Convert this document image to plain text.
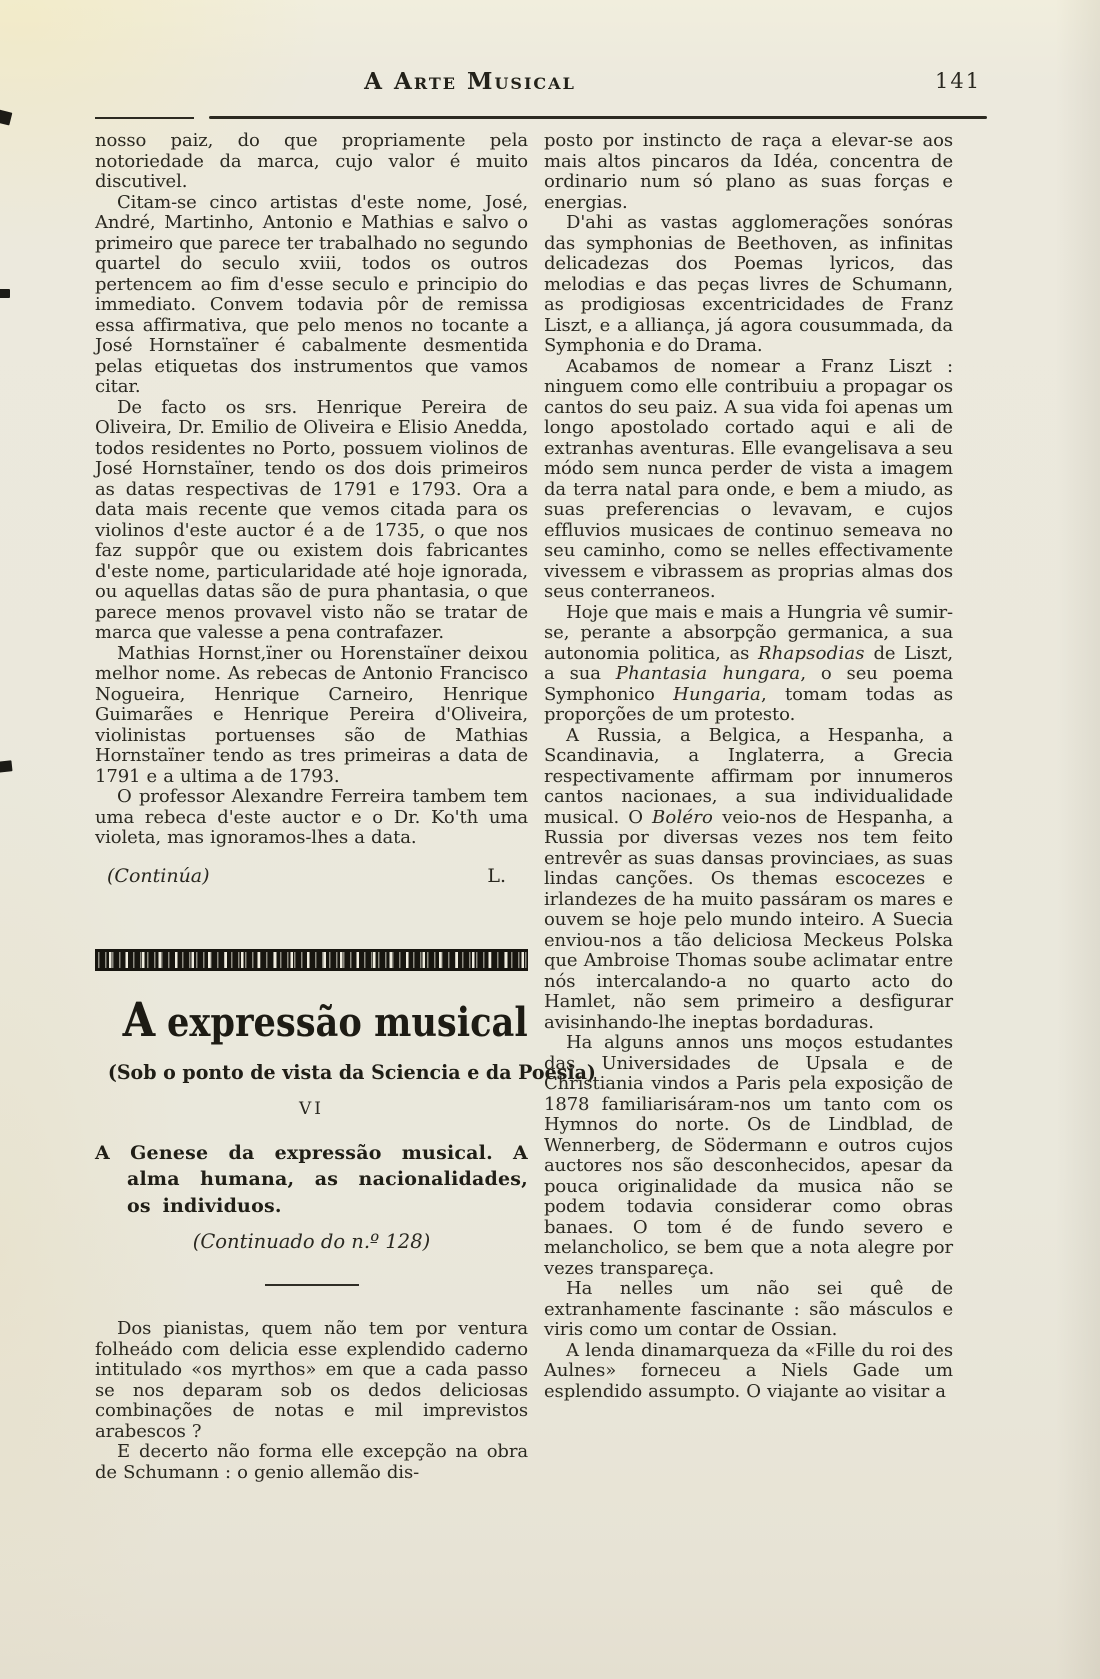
A Arte Musical	141

nosso paiz, do que propriamente pela notoriedade da marca, cujo valor é muito discutivel.

Citam-se cinco artistas d'este nome, José, André, Martinho, Antonio e Mathias e salvo o primeiro que parece ter trabalhado no segundo quartel do seculo xviii, todos os outros pertencem ao fim d'esse seculo e principio do immediato. Convem todavia pôr de remissa essa affirmativa, que pelo menos no tocante a José Hornstaïner é cabalmente desmentida pelas etiquetas dos instrumentos que vamos citar.

De facto os srs. Henrique Pereira de Oliveira, Dr. Emilio de Oliveira e Elisio Anedda, todos residentes no Porto, possuem violinos de José Hornstaïner, tendo os dos dois primeiros as datas respectivas de 1791 e 1793. Ora a data mais recente que vemos citada para os violinos d'este auctor é a de 1735, o que nos faz suppôr que ou existem dois fabricantes d'este nome, particularidade até hoje ignorada, ou aquellas datas são de pura phantasia, o que parece menos provavel visto não se tratar de marca que valesse a pena contrafazer.

Mathias Hornst,ïner ou Horenstaïner deixou melhor nome. As rebecas de Antonio Francisco Nogueira, Henrique Carneiro, Henrique Guimarães e Henrique Pereira d'Oliveira, violinistas portuenses são de Mathias Hornstaïner tendo as tres primeiras a data de 1791 e a ultima a de 1793.

O professor Alexandre Ferreira tambem tem uma rebeca d'este auctor e o Dr. Ko'th uma violeta, mas ignoramos-lhes a data.

(Continúa)	L.
A expressão musical
(Sob o ponto de vista da Sciencia e da Poesia)
VI
A Genese da expressão musical. A alma humana, as nacionalidades, os individuos.
(Continuado do n.º 128)

Dos pianistas, quem não tem por ventura folheádo com delicia esse explendido caderno intitulado «os myrthos» em que a cada passo se nos deparam sob os dedos deliciosas combinações de notas e mil imprevistos arabescos ?

E decerto não forma elle excepção na obra de Schumann : o genio allemão dis-

posto por instincto de raça a elevar-se aos mais altos pincaros da Idéa, concentra de ordinario num só plano as suas forças e energias.

D'ahi as vastas agglomerações sonóras das symphonias de Beethoven, as infinitas delicadezas dos Poemas lyricos, das melodias e das peças livres de Schumann, as prodigiosas excentricidades de Franz Liszt, e a alliança, já agora cousummada, da Symphonia e do Drama.

Acabamos de nomear a Franz Liszt : ninguem como elle contribuiu a propagar os cantos do seu paiz. A sua vida foi apenas um longo apostolado cortado aqui e ali de extranhas aventuras. Elle evangelisava a seu módo sem nunca perder de vista a imagem da terra natal para onde, e bem a miudo, as suas preferencias o levavam, e cujos effluvios musicaes de continuo semeava no seu caminho, como se nelles effectivamente vivessem e vibrassem as proprias almas dos seus conterraneos.

Hoje que mais e mais a Hungria vê sumir-se, perante a absorpção germanica, a sua autonomia politica, as Rhapsodias de Liszt, a sua Phantasia hungara, o seu poema Symphonico Hungaria, tomam todas as proporções de um protesto.

A Russia, a Belgica, a Hespanha, a Scandinavia, a Inglaterra, a Grecia respectivamente affirmam por innumeros cantos nacionaes, a sua individualidade musical. O Boléro veio-nos de Hespanha, a Russia por diversas vezes nos tem feito entrevêr as suas dansas provinciaes, as suas lindas canções. Os themas escocezes e irlandezes de ha muito passáram os mares e ouvem se hoje pelo mundo inteiro. A Suecia enviou-nos a tão deliciosa Meckeus Polska que Ambroise Thomas soube aclimatar entre nós intercalando-a no quarto acto do Hamlet, não sem primeiro a desfigurar avisinhando-lhe ineptas bordaduras.

Ha alguns annos uns moços estudantes das Universidades de Upsala e de Christiania vindos a Paris pela exposição de 1878 familiarisáram-nos um tanto com os Hymnos do norte. Os de Lindblad, de Wennerberg, de Södermann e outros cujos auctores nos são desconhecidos, apesar da pouca originalidade da musica não se podem todavia considerar como obras banaes. O tom é de fundo severo e melancholico, se bem que a nota alegre por vezes transpareça.

Ha nelles um não sei quê de extranhamente fascinante : são másculos e viris como um contar de Ossian.

A lenda dinamarqueza da «Fille du roi des Aulnes» forneceu a Niels Gade um esplendido assumpto. O viajante ao visitar a
